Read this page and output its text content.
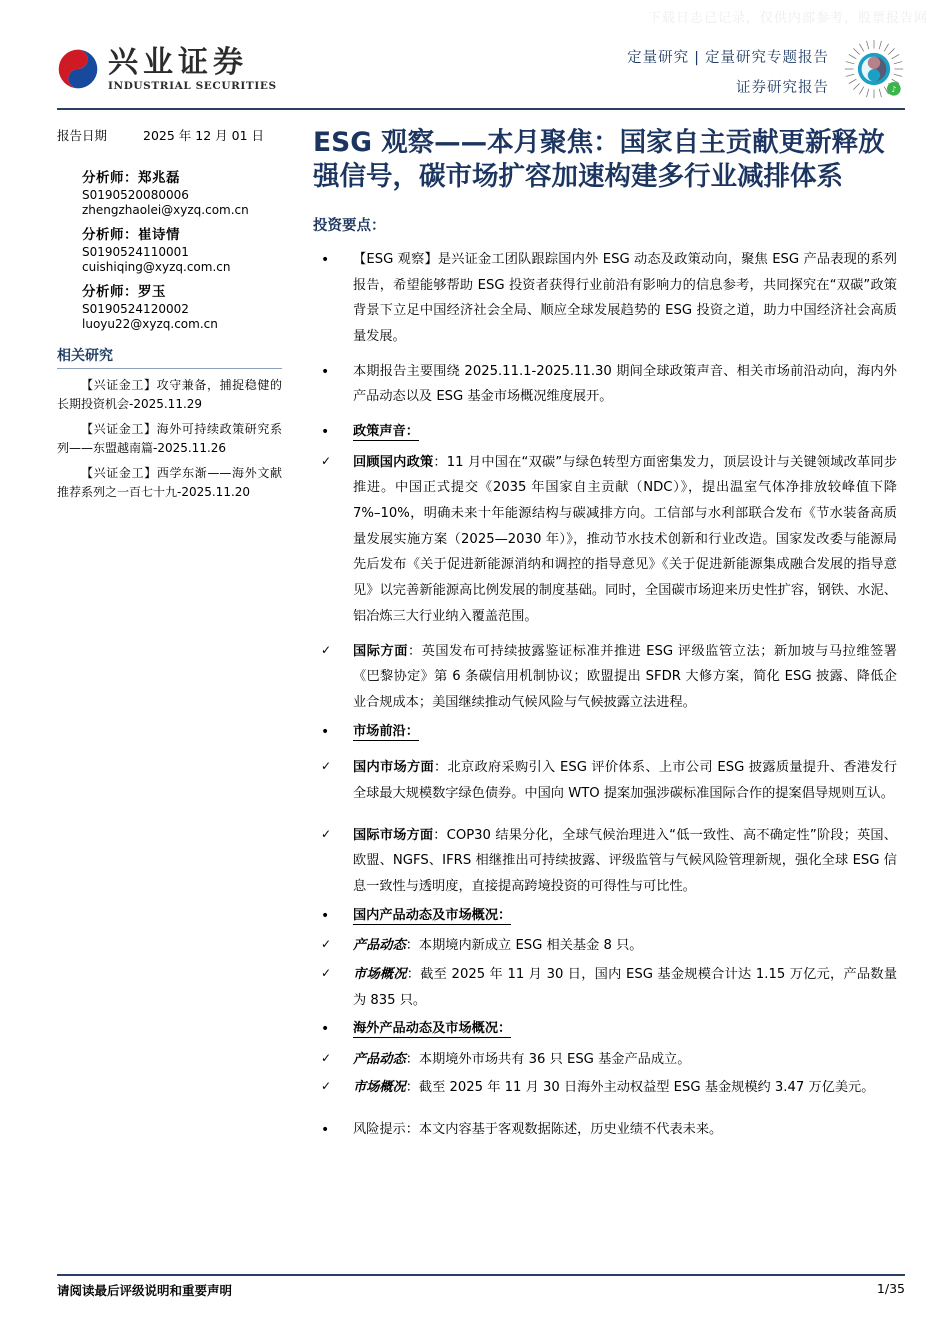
下载日志已记录，仅供内部参考，股票报告网
兴业证券
INDUSTRIAL SECURITIES
定量研究 | 定量研究专题报告
证券研究报告	♪
报告日期	2025 年 12 月 01 日
分析师：郑兆磊
S0190520080006
zhengzhaolei@xyzq.com.cn
分析师：崔诗情
S0190524110001
cuishiqing@xyzq.com.cn
分析师：罗玉
S0190524120002
luoyu22@xyzq.com.cn
相关研究
【兴证金工】攻守兼备，捕捉稳健的长期投资机会-2025.11.29
【兴证金工】海外可持续政策研究系列——东盟越南篇-2025.11.26
【兴证金工】西学东渐——海外文献推荐系列之一百七十九-2025.11.20
ESG 观察——本月聚焦：国家自主贡献更新释放强信号，碳市场扩容加速构建多行业减排体系
投资要点：
•	【ESG 观察】是兴证金工团队跟踪国内外 ESG 动态及政策动向，聚焦 ESG 产品表现的系列报告，希望能够帮助 ESG 投资者获得行业前沿有影响力的信息参考，共同探究在“双碳”政策背景下立足中国经济社会全局、顺应全球发展趋势的 ESG 投资之道，助力中国经济社会高质量发展。
•	本期报告主要围绕 2025.11.1-2025.11.30 期间全球政策声音、相关市场前沿动向，海内外产品动态以及 ESG 基金市场概况维度展开。
•	政策声音：
✓	回顾国内政策：11 月中国在“双碳”与绿色转型方面密集发力，顶层设计与关键领域改革同步推进。中国正式提交《2035 年国家自主贡献（NDC）》，提出温室气体净排放较峰值下降 7%–10%，明确未来十年能源结构与碳减排方向。工信部与水利部联合发布《节水装备高质量发展实施方案（2025—2030 年）》，推动节水技术创新和行业改造。国家发改委与能源局先后发布《关于促进新能源消纳和调控的指导意见》《关于促进新能源集成融合发展的指导意见》以完善新能源高比例发展的制度基础。同时，全国碳市场迎来历史性扩容，钢铁、水泥、铝冶炼三大行业纳入覆盖范围。
✓	国际方面：英国发布可持续披露鉴证标准并推进 ESG 评级监管立法；新加坡与马拉维签署《巴黎协定》第 6 条碳信用机制协议；欧盟提出 SFDR 大修方案，简化 ESG 披露、降低企业合规成本；美国继续推动气候风险与气候披露立法进程。
•	市场前沿：
✓	国内市场方面：北京政府采购引入 ESG 评价体系、上市公司 ESG 披露质量提升、香港发行全球最大规模数字绿色债券。中国向 WTO 提案加强涉碳标准国际合作的提案倡导规则互认。
✓	国际市场方面：COP30 结果分化，全球气候治理进入“低一致性、高不确定性”阶段；英国、欧盟、NGFS、IFRS 相继推出可持续披露、评级监管与气候风险管理新规，强化全球 ESG 信息一致性与透明度，直接提高跨境投资的可得性与可比性。
•	国内产品动态及市场概况：
✓	产品动态：本期境内新成立 ESG 相关基金 8 只。
✓	市场概况：截至 2025 年 11 月 30 日，国内 ESG 基金规模合计达 1.15 万亿元，产品数量为 835 只。
•	海外产品动态及市场概况：
✓	产品动态：本期境外市场共有 36 只 ESG 基金产品成立。
✓	市场概况：截至 2025 年 11 月 30 日海外主动权益型 ESG 基金规模约 3.47 万亿美元。
•	风险提示：本文内容基于客观数据陈述，历史业绩不代表未来。
请阅读最后评级说明和重要声明	1/35
